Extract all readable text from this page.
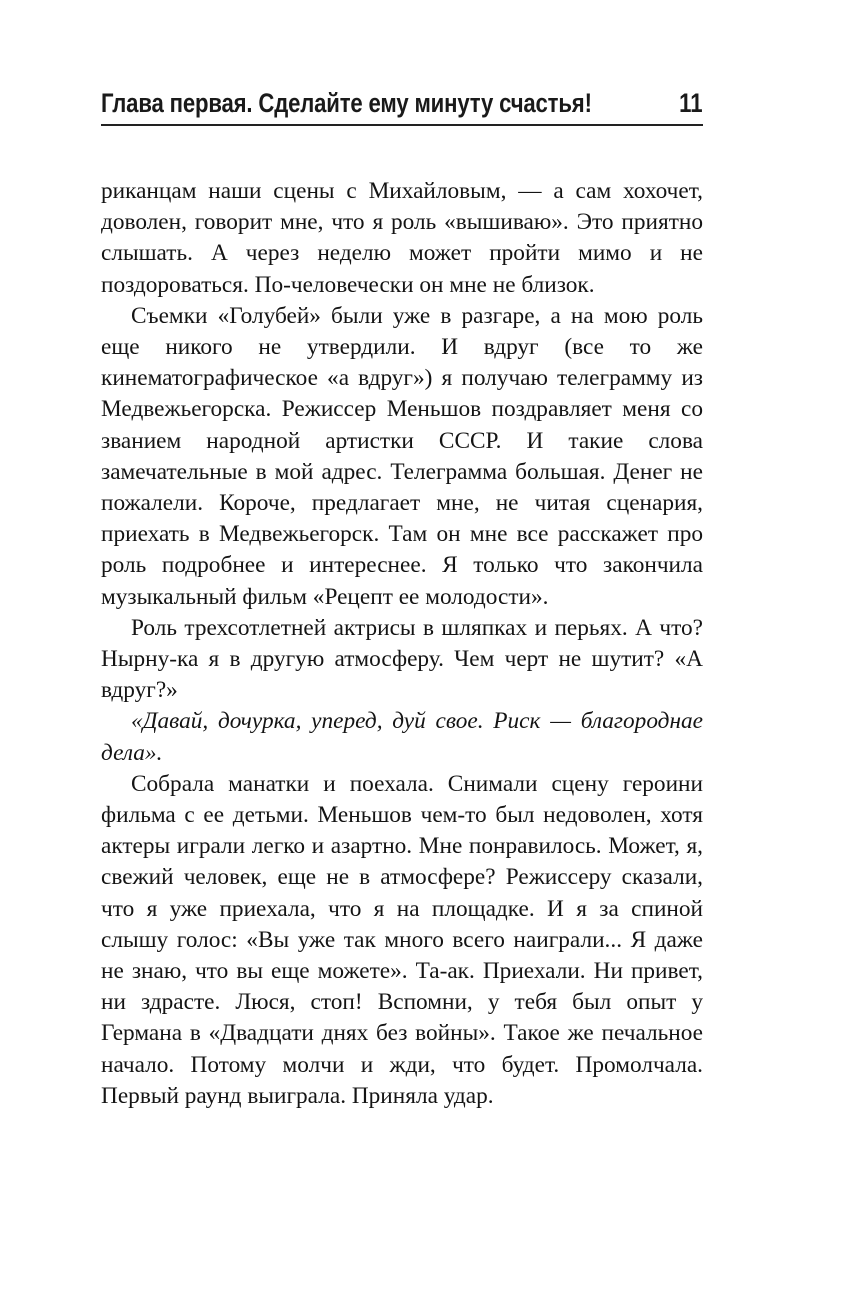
Глава первая. Сделайте ему минуту счастья!	11

риканцам наши сцены с Михайловым, — а сам хохочет, доволен, говорит мне, что я роль «вышиваю». Это приятно слышать. А через неделю может пройти мимо и не поздороваться. По-человечески он мне не близок.

Съемки «Голубей» были уже в разгаре, а на мою роль еще никого не утвердили. И вдруг (все то же кинематографическое «а вдруг») я получаю телеграмму из Медвежьегорска. Режиссер Меньшов поздравляет меня со званием народной артистки СССР. И такие слова замечательные в мой адрес. Телеграмма большая. Денег не пожалели. Короче, предлагает мне, не читая сценария, приехать в Медвежьегорск. Там он мне все расскажет про роль подробнее и интереснее. Я только что закончила музыкальный фильм «Рецепт ее молодости».

Роль трехсотлетней актрисы в шляпках и перьях. А что? Нырну-ка я в другую атмосферу. Чем черт не шутит? «А вдруг?»

«Давай, дочурка, уперед, дуй свое. Риск — благороднае дела».

Собрала манатки и поехала. Снимали сцену героини фильма с ее детьми. Меньшов чем-то был недоволен, хотя актеры играли легко и азартно. Мне понравилось. Может, я, свежий человек, еще не в атмосфере? Режиссеру сказали, что я уже приехала, что я на площадке. И я за спиной слышу голос: «Вы уже так много всего наиграли... Я даже не знаю, что вы еще можете». Та-ак. Приехали. Ни привет, ни здрасте. Люся, стоп! Вспомни, у тебя был опыт у Германа в «Двадцати днях без войны». Такое же печальное начало. Потому молчи и жди, что будет. Промолчала. Первый раунд выиграла. Приняла удар.
